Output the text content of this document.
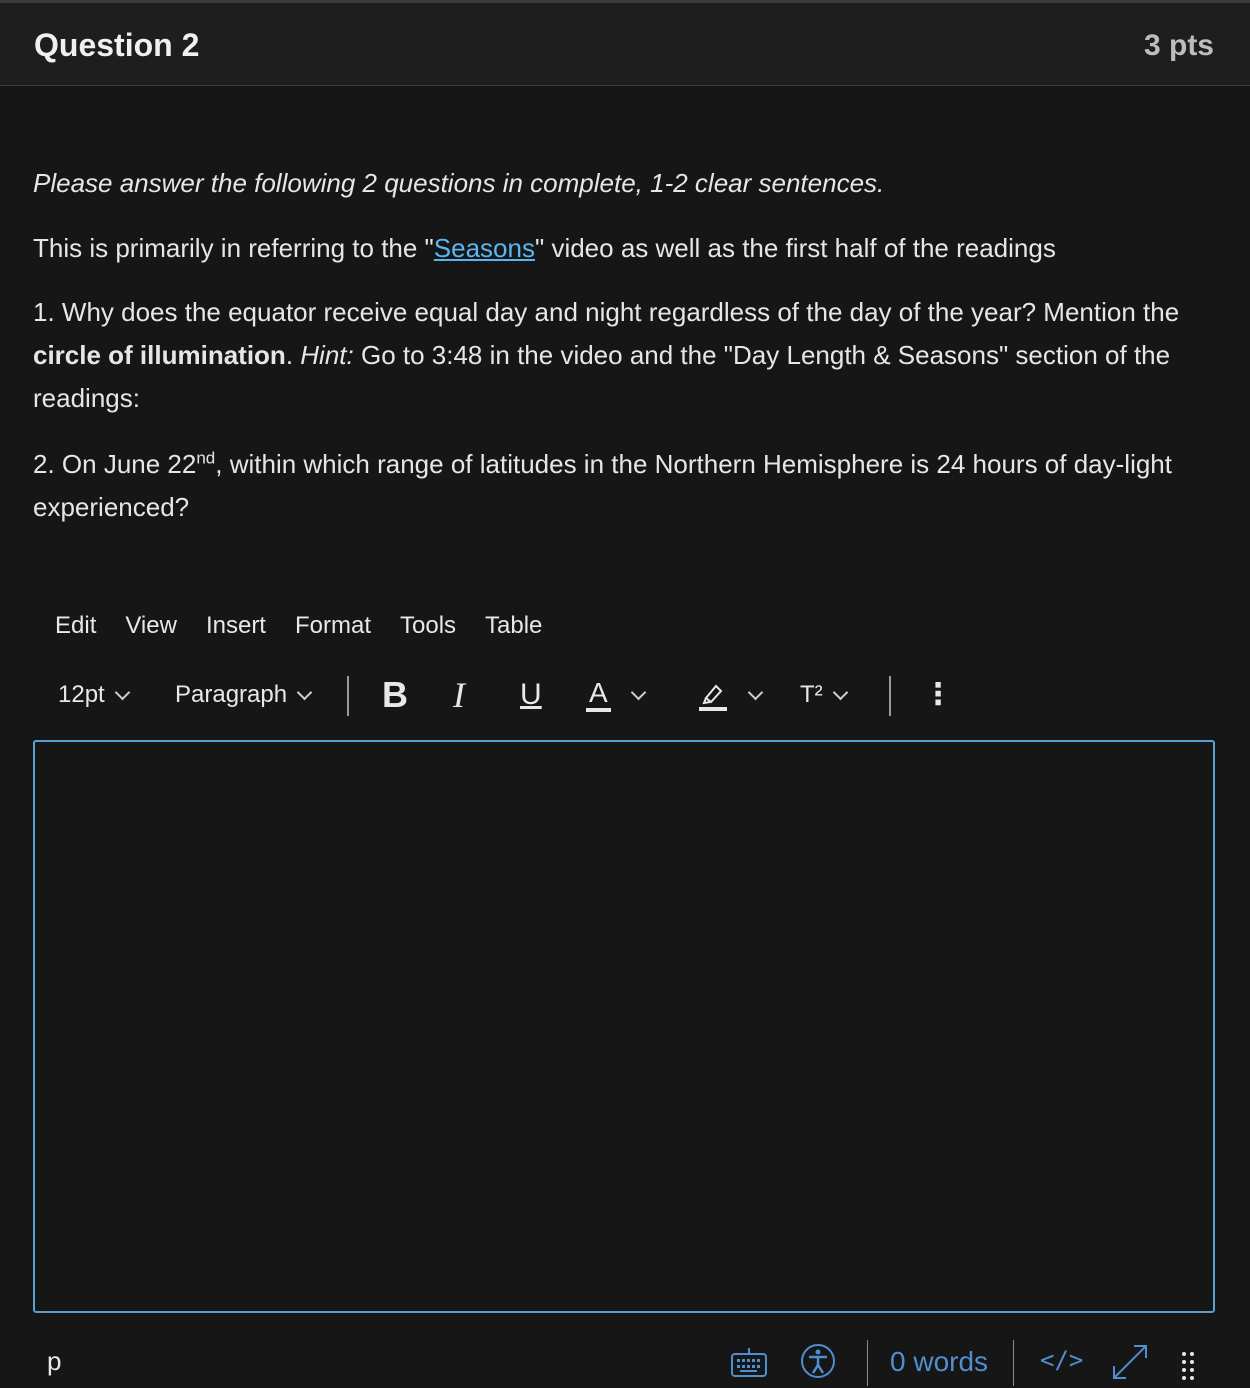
Question 2	3 pts
Please answer the following 2 questions in complete, 1-2 clear sentences.
This is primarily in referring to the "Seasons" video as well as the first half of the readings
1. Why does the equator receive equal day and night regardless of the day of the year? Mention the circle of illumination. Hint: Go to 3:48 in the video and the "Day Length & Seasons" section of the readings:
2. On June 22nd, within which range of latitudes in the Northern Hemisphere is 24 hours of day-light experienced?
Edit View Insert Format Tools Table
12pt	Paragraph	B I U A	T²	⋮
p	0 words </>
